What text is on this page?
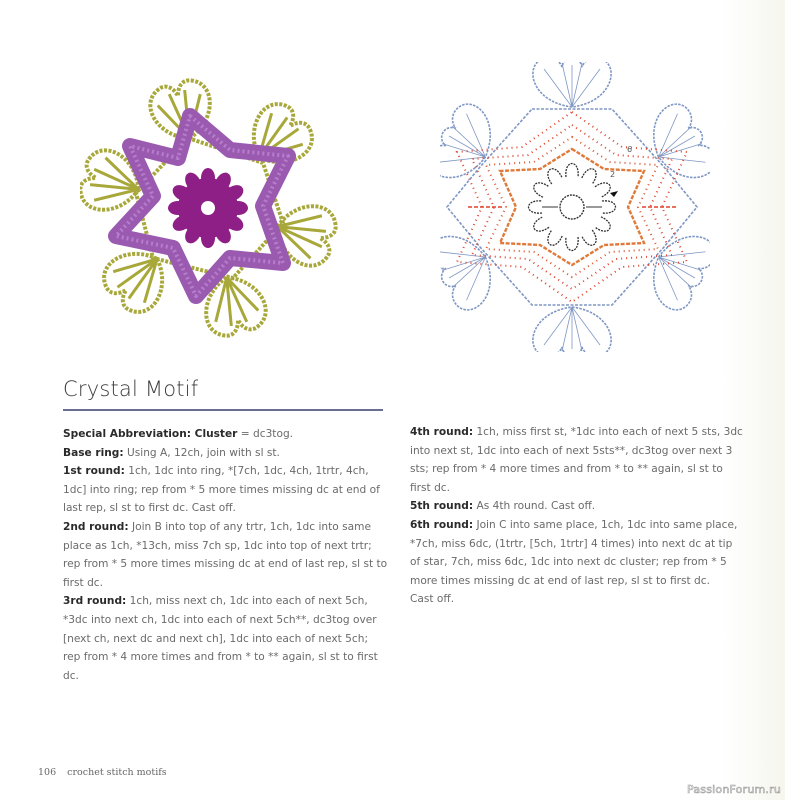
2
6
Crystal Motif

Special Abbreviation: Cluster = dc3tog.

Base ring: Using A, 12ch, join with sl st.

1st round: 1ch, 1dc into ring, *[7ch, 1dc, 4ch, 1trtr, 4ch, 1dc] into ring; rep from * 5 more times missing dc at end of last rep, sl st to first dc. Cast off.

2nd round: Join B into top of any trtr, 1ch, 1dc into same place as 1ch, *13ch, miss 7ch sp, 1dc into top of next trtr; rep from * 5 more times missing dc at end of last rep, sl st to first dc.

3rd round: 1ch, miss next ch, 1dc into each of next 5ch, *3dc into next ch, 1dc into each of next 5ch**, dc3tog over [next ch, next dc and next ch], 1dc into each of next 5ch; rep from * 4 more times and from * to ** again, sl st to first dc.

4th round: 1ch, miss first st, *1dc into each of next 5 sts, 3dc into next st, 1dc into each of next 5sts**, dc3tog over next 3 sts; rep from * 4 more times and from * to ** again, sl st to first dc.

5th round: As 4th round. Cast off.

6th round: Join C into same place, 1ch, 1dc into same place, *7ch, miss 6dc, (1trtr, [5ch, 1trtr] 4 times) into next dc at tip of star, 7ch, miss 6dc, 1dc into next dc cluster; rep from * 5 more times missing dc at end of last rep, sl st to first dc.

Cast off.

106 crochet stitch motifs
PassionForum.ru
